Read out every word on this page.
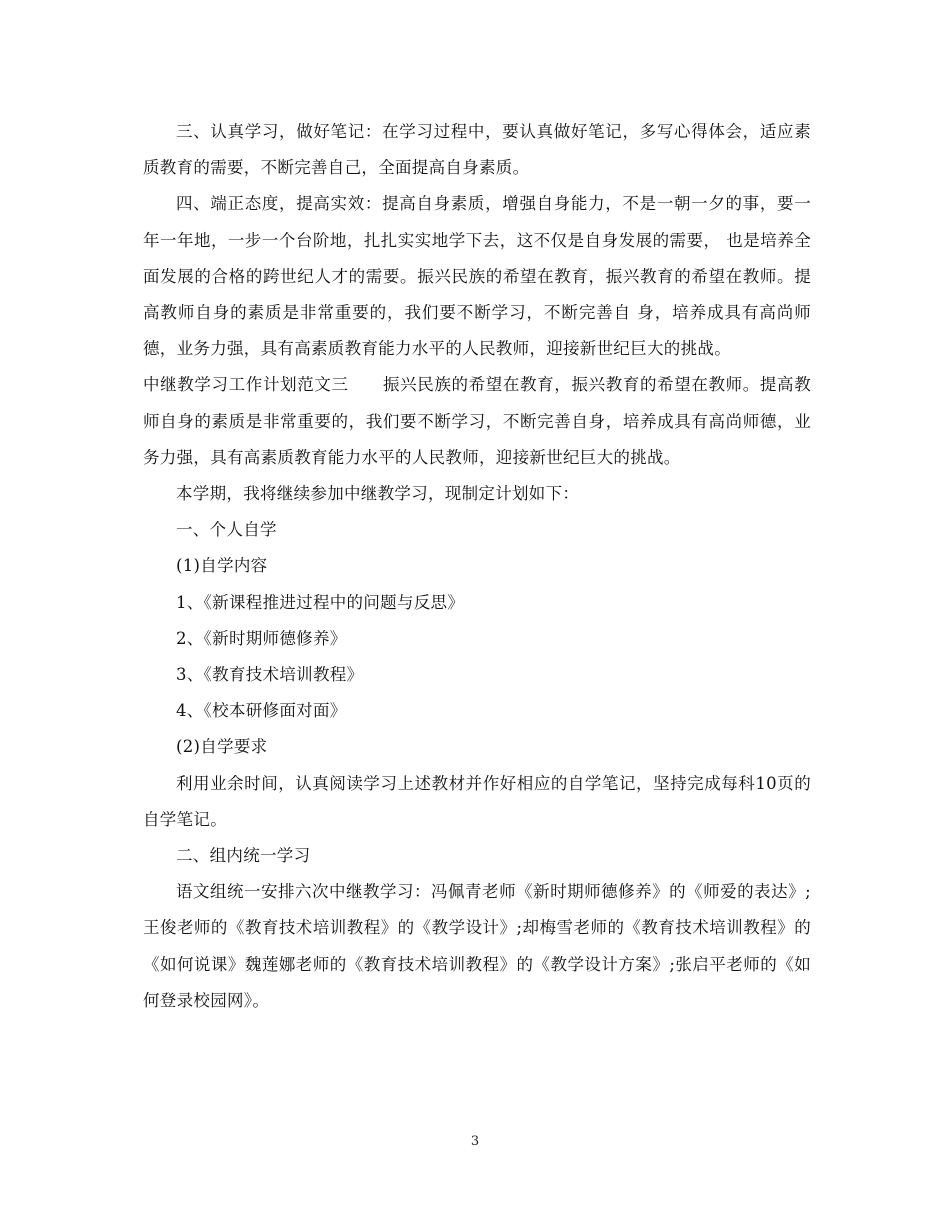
三、认真学习，做好笔记：在学习过程中，要认真做好笔记，多写心得体会，适应素质教育的需要，不断完善自己，全面提高自身素质。

四、端正态度，提高实效：提高自身素质，增强自身能力，不是一朝一夕的事，要一年一年地，一步一个台阶地，扎扎实实地学下去，这不仅是自身发展的需要， 也是培养全面发展的合格的跨世纪人才的需要。振兴民族的希望在教育，振兴教育的希望在教师。提高教师自身的素质是非常重要的，我们要不断学习，不断完善自 身，培养成具有高尚师德，业务力强，具有高素质教育能力水平的人民教师，迎接新世纪巨大的挑战。

中继教学习工作计划范文三 振兴民族的希望在教育，振兴教育的希望在教师。提高教师自身的素质是非常重要的，我们要不断学习，不断完善自身，培养成具有高尚师德，业务力强，具有高素质教育能力水平的人民教师，迎接新世纪巨大的挑战。

本学期，我将继续参加中继教学习，现制定计划如下：

一、个人自学

(1)自学内容

1、《新课程推进过程中的问题与反思》

2、《新时期师德修养》

3、《教育技术培训教程》

4、《校本研修面对面》

(2)自学要求

利用业余时间，认真阅读学习上述教材并作好相应的自学笔记，坚持完成每科10页的自学笔记。

二、组内统一学习

语文组统一安排六次中继教学习：冯佩青老师《新时期师德修养》的《师爱的表达》;王俊老师的《教育技术培训教程》的《教学设计》;却梅雪老师的《教育技术培训教程》的《如何说课》魏莲娜老师的《教育技术培训教程》的《教学设计方案》;张启平老师的《如何登录校园网》。

3
